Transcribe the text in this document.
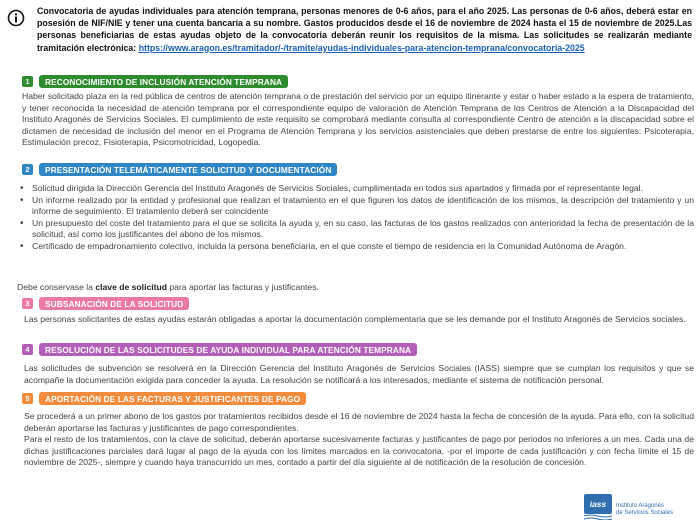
Convocatoria de ayudas individuales para atención temprana, personas menores de 0-6 años, para el año 2025. Las personas de 0-6 años, deberá estar en posesión de NIF/NIE y tener una cuenta bancaria a su nombre. Gastos producidos desde el 16 de noviembre de 2024 hasta el 15 de noviembre de 2025.Las personas beneficiarias de estas ayudas objeto de la convocatoria deberán reunir los requisitos de la misma. Las solicitudes se realizarán mediante tramitación electrónica: https://www.aragon.es/tramitador/-/tramite/ayudas-individuales-para-atencion-temprana/convocatoria-2025
1	RECONOCIMIENTO DE INCLUSIÓN ATENCIÓN TEMPRANA
Haber solicitado plaza en la red pública de centros de atención temprana o de prestación del servicio por un equipo itinerante y estar o haber estado a la espera de tratamiento, y tener reconocida la necesidad de atención temprana por el correspondiente equipo de valoración de Atención Temprana de los Centros de Atención a la Discapacidad del Instituto Aragonés de Servicios Sociales. El cumplimiento de este requisito se comprobará mediante consulta al correspondiente Centro de atención a la discapacidad sobre el dictamen de necesidad de inclusión del menor en el Programa de Atención Temprana y los servicios asistenciales que deben prestarse de entre los siguientes: Psicoterapia, Estimulación precoz, Fisioterapia, Psicomotricidad, Logopedia.
2	PRESENTACIÓN TELEMÁTICAMENTE SOLICITUD Y DOCUMENTACIÓN
• Solicitud dirigida la Dirección Gerencia del Instituto Aragonés de Servicios Sociales, cumplimentada en todos sus apartados y firmada por el representante legal.
• Un informe realizado por la entidad y profesional que realizan el tratamiento en el que figuren los datos de identificación de los mismos, la descripción del tratamiento y un informe de seguimiento. El tratamiento deberá ser coincidente
• Un presupuesto del coste del tratamiento para el que se solicita la ayuda y, en su caso, las facturas de los gastos realizados con anterioridad la fecha de presentación de la solicitud, así como los justificantes del abono de los mismos.
• Certificado de empadronamiento colectivo, incluida la persona beneficiaria, en el que conste el tiempo de residencia en la Comunidad Autónoma de Aragón.
Debe conservase la clave de solicitud para aportar las facturas y justificantes.
3	SUBSANACIÓN DE LA SOLICITUD
Las personas solicitantes de estas ayudas estarán obligadas a aportar la documentación complementaria que se les demande por el Instituto Aragonés de Servicios sociales.
4	RESOLUCIÓN DE LAS SOLICITUDES DE AYUDA INDIVIDUAL PARA ATENCIÓN TEMPRANA
Las solicitudes de subvención se resolverá en la Dirección Gerencia del Instituto Aragonés de Servicios Sociales (IASS) siempre que se cumplan los requisitos y que se acompañe la documentación exigida para conceder la ayuda. La resolución se notificará a los interesados, mediante el sistema de notificación personal.
5	APORTACIÓN DE LAS FACTURAS Y JUSTIFICANTES DE PAGO

Se procederá a un primer abono de los gastos por tratamientos recibidos desde el 16 de noviembre de 2024 hasta la fecha de concesión de la ayuda. Para ello, con la solicitud deberán aportarse las facturas y justificantes de pago correspondientes.

Para el resto de los tratamientos, con la clave de solicitud, deberán aportarse sucesivamente facturas y justificantes de pago por periodos no inferiores a un mes. Cada una de dichas justificaciones parciales dará lugar al pago de la ayuda con los límites marcados en la convocatoria, -por el importe de cada justificación y con fecha límite el 15 de noviembre de 2025-, siempre y cuando haya transcurrido un mes, contado a partir del día siguiente al de notificación de la resolución de concesión.

iass	Instituto Aragonés
de Servicios Sociales
